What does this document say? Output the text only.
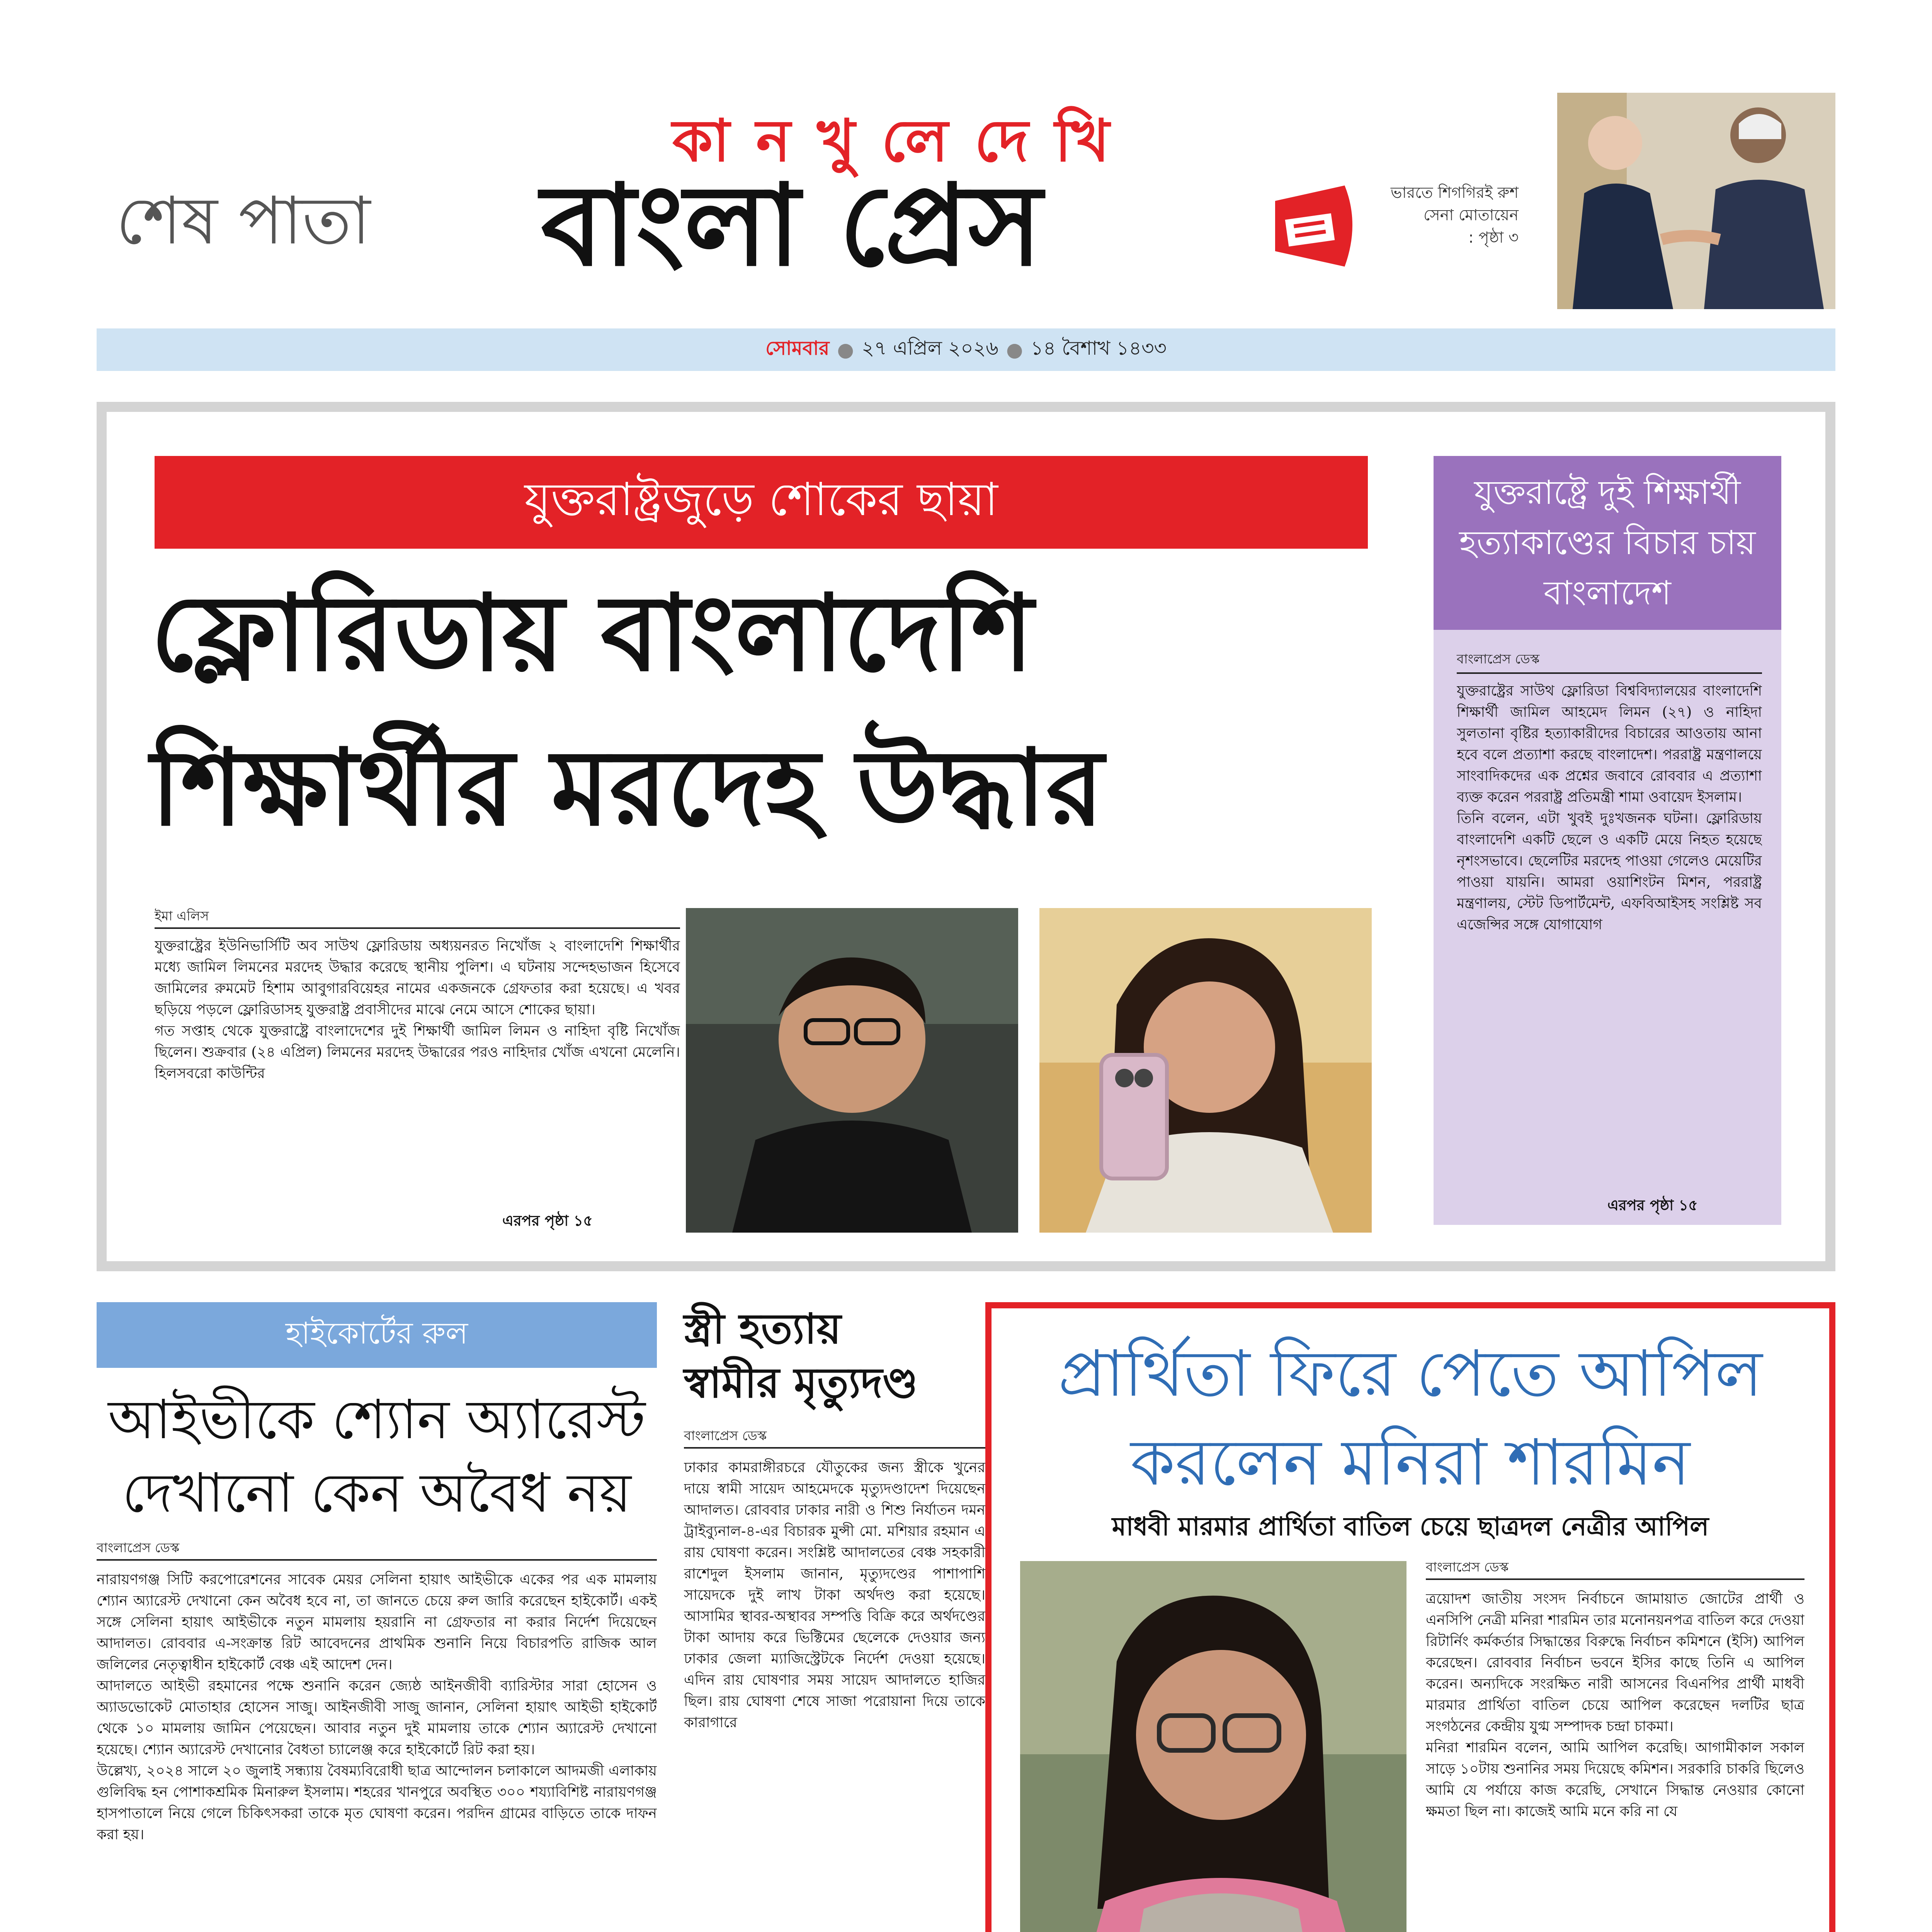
শেষ পাতা
কা ন খু লে দে খি
বাংলা প্রেস	ভারতে শিগগিরই রুশ সেনা মোতায়েন
: পৃষ্ঠা ৩
সোমবার ● ২৭ এপ্রিল ২০২৬ ● ১৪ বৈশাখ ১৪৩৩
যুক্তরাষ্ট্রজুড়ে শোকের ছায়া
ফ্লোরিডায় বাংলাদেশি
শিক্ষার্থীর মরদেহ উদ্ধার
ইমা এলিস
যুক্তরাষ্ট্রের ইউনিভার্সিটি অব সাউথ ফ্লোরিডায় অধ্যয়নরত নিখোঁজ ২ বাংলাদেশি শিক্ষার্থীর মধ্যে জামিল লিমনের মরদেহ উদ্ধার করেছে স্থানীয় পুলিশ। এ ঘটনায় সন্দেহভাজন হিসেবে জামিলের রুমমেট হিশাম আবুগারবিয়েহর নামের একজনকে গ্রেফতার করা হয়েছে। এ খবর ছড়িয়ে পড়লে ফ্লোরিডাসহ যুক্তরাষ্ট্র প্রবাসীদের মাঝে নেমে আসে শোকের ছায়া।
গত সপ্তাহ থেকে যুক্তরাষ্ট্রে বাংলাদেশের দুই শিক্ষার্থী জামিল লিমন ও নাহিদা বৃষ্টি নিখোঁজ ছিলেন। শুক্রবার (২৪ এপ্রিল) লিমনের মরদেহ উদ্ধারের পরও নাহিদার খোঁজ এখনো মেলেনি। হিলসবরো কাউন্টির
এরপর পৃষ্ঠা ১৫
যুক্তরাষ্ট্রে দুই শিক্ষার্থী হত্যাকাণ্ডের বিচার চায় বাংলাদেশ
বাংলাপ্রেস ডেস্ক
যুক্তরাষ্ট্রের সাউথ ফ্লোরিডা বিশ্ববিদ্যালয়ের বাংলাদেশি শিক্ষার্থী জামিল আহমেদ লিমন (২৭) ও নাহিদা সুলতানা বৃষ্টির হত্যাকারীদের বিচারের আওতায় আনা হবে বলে প্রত্যাশা করছে বাংলাদেশ। পররাষ্ট্র মন্ত্রণালয়ে সাংবাদিকদের এক প্রশ্নের জবাবে রোববার এ প্রত্যাশা ব্যক্ত করেন পররাষ্ট্র প্রতিমন্ত্রী শামা ওবায়েদ ইসলাম।
তিনি বলেন, এটা খুবই দুঃখজনক ঘটনা। ফ্লোরিডায় বাংলাদেশি একটি ছেলে ও একটি মেয়ে নিহত হয়েছে নৃশংসভাবে। ছেলেটির মরদেহ পাওয়া গেলেও মেয়েটির পাওয়া যায়নি। আমরা ওয়াশিংটন মিশন, পররাষ্ট্র মন্ত্রণালয়, স্টেট ডিপার্টমেন্ট, এফবিআইসহ সংশ্লিষ্ট সব এজেন্সির সঙ্গে যোগাযোগ
এরপর পৃষ্ঠা ১৫
হাইকোর্টের রুল
আইভীকে শ্যোন অ্যারেস্ট
দেখানো কেন অবৈধ নয়
বাংলাপ্রেস ডেস্ক
নারায়ণগঞ্জ সিটি করপোরেশনের সাবেক মেয়র সেলিনা হায়াৎ আইভীকে একের পর এক মামলায় শ্যোন অ্যারেস্ট দেখানো কেন অবৈধ হবে না, তা জানতে চেয়ে রুল জারি করেছেন হাইকোর্ট। একই সঙ্গে সেলিনা হায়াৎ আইভীকে নতুন মামলায় হয়রানি না গ্রেফতার না করার নির্দেশ দিয়েছেন আদালত। রোববার এ-সংক্রান্ত রিট আবেদনের প্রাথমিক শুনানি নিয়ে বিচারপতি রাজিক আল জলিলের নেতৃত্বাধীন হাইকোর্ট বেঞ্চ এই আদেশ দেন।
আদালতে আইভী রহমানের পক্ষে শুনানি করেন জ্যেষ্ঠ আইনজীবী ব্যারিস্টার সারা হোসেন ও অ্যাডভোকেট মোতাহার হোসেন সাজু। আইনজীবী সাজু জানান, সেলিনা হায়াৎ আইভী হাইকোর্ট থেকে ১০ মামলায় জামিন পেয়েছেন। আবার নতুন দুই মামলায় তাকে শ্যোন অ্যারেস্ট দেখানো হয়েছে। শ্যোন অ্যারেস্ট দেখানোর বৈধতা চ্যালেঞ্জ করে হাইকোর্টে রিট করা হয়।
উল্লেখ্য, ২০২৪ সালে ২০ জুলাই সন্ধ্যায় বৈষম্যবিরোধী ছাত্র আন্দোলন চলাকালে আদমজী এলাকায় গুলিবিদ্ধ হন পোশাকশ্রমিক মিনারুল ইসলাম। শহরের খানপুরে অবস্থিত ৩০০ শয্যাবিশিষ্ট নারায়ণগঞ্জ হাসপাতালে নিয়ে গেলে চিকিৎসকরা তাকে মৃত ঘোষণা করেন। পরদিন গ্রামের বাড়িতে তাকে দাফন করা হয়।
স্ত্রী হত্যায়
স্বামীর মৃত্যুদণ্ড
বাংলাপ্রেস ডেস্ক
ঢাকার কামরাঙ্গীরচরে যৌতুকের জন্য স্ত্রীকে খুনের দায়ে স্বামী সায়েদ আহমেদকে মৃত্যুদণ্ডাদেশ দিয়েছেন আদালত। রোববার ঢাকার নারী ও শিশু নির্যাতন দমন ট্রাইব্যুনাল-৪-এর বিচারক মুন্সী মো. মশিয়ার রহমান এ রায় ঘোষণা করেন। সংশ্লিষ্ট আদালতের বেঞ্চ সহকারী রাশেদুল ইসলাম জানান, মৃত্যুদণ্ডের পাশাপাশি সায়েদকে দুই লাখ টাকা অর্থদণ্ড করা হয়েছে। আসামির স্থাবর-অস্থাবর সম্পত্তি বিক্রি করে অর্থদণ্ডের টাকা আদায় করে ভিক্টিমের ছেলেকে দেওয়ার জন্য ঢাকার জেলা ম্যাজিস্ট্রেটকে নির্দেশ দেওয়া হয়েছে। এদিন রায় ঘোষণার সময় সায়েদ আদালতে হাজির ছিল। রায় ঘোষণা শেষে সাজা পরোয়ানা দিয়ে তাকে কারাগারে
প্রার্থিতা ফিরে পেতে আপিল
করলেন মনিরা শারমিন
মাধবী মারমার প্রার্থিতা বাতিল চেয়ে ছাত্রদল নেত্রীর আপিল
বাংলাপ্রেস ডেস্ক
ত্রয়োদশ জাতীয় সংসদ নির্বাচনে জামায়াত জোটের প্রার্থী ও এনসিপি নেত্রী মনিরা শারমিন তার মনোনয়নপত্র বাতিল করে দেওয়া রিটার্নিং কর্মকর্তার সিদ্ধান্তের বিরুদ্ধে নির্বাচন কমিশনে (ইসি) আপিল করেছেন। রোববার নির্বাচন ভবনে ইসির কাছে তিনি এ আপিল করেন। অন্যদিকে সংরক্ষিত নারী আসনের বিএনপির প্রার্থী মাধবী মারমার প্রার্থিতা বাতিল চেয়ে আপিল করেছেন দলটির ছাত্র সংগঠনের কেন্দ্রীয় যুগ্ম সম্পাদক চন্দ্রা চাকমা।
মনিরা শারমিন বলেন, আমি আপিল করেছি। আগামীকাল সকাল সাড়ে ১০টায় শুনানির সময় দিয়েছে কমিশন। সরকারি চাকরি ছিলেও আমি যে পর্যায়ে কাজ করেছি, সেখানে সিদ্ধান্ত নেওয়ার কোনো ক্ষমতা ছিল না। কাজেই আমি মনে করি না যে
